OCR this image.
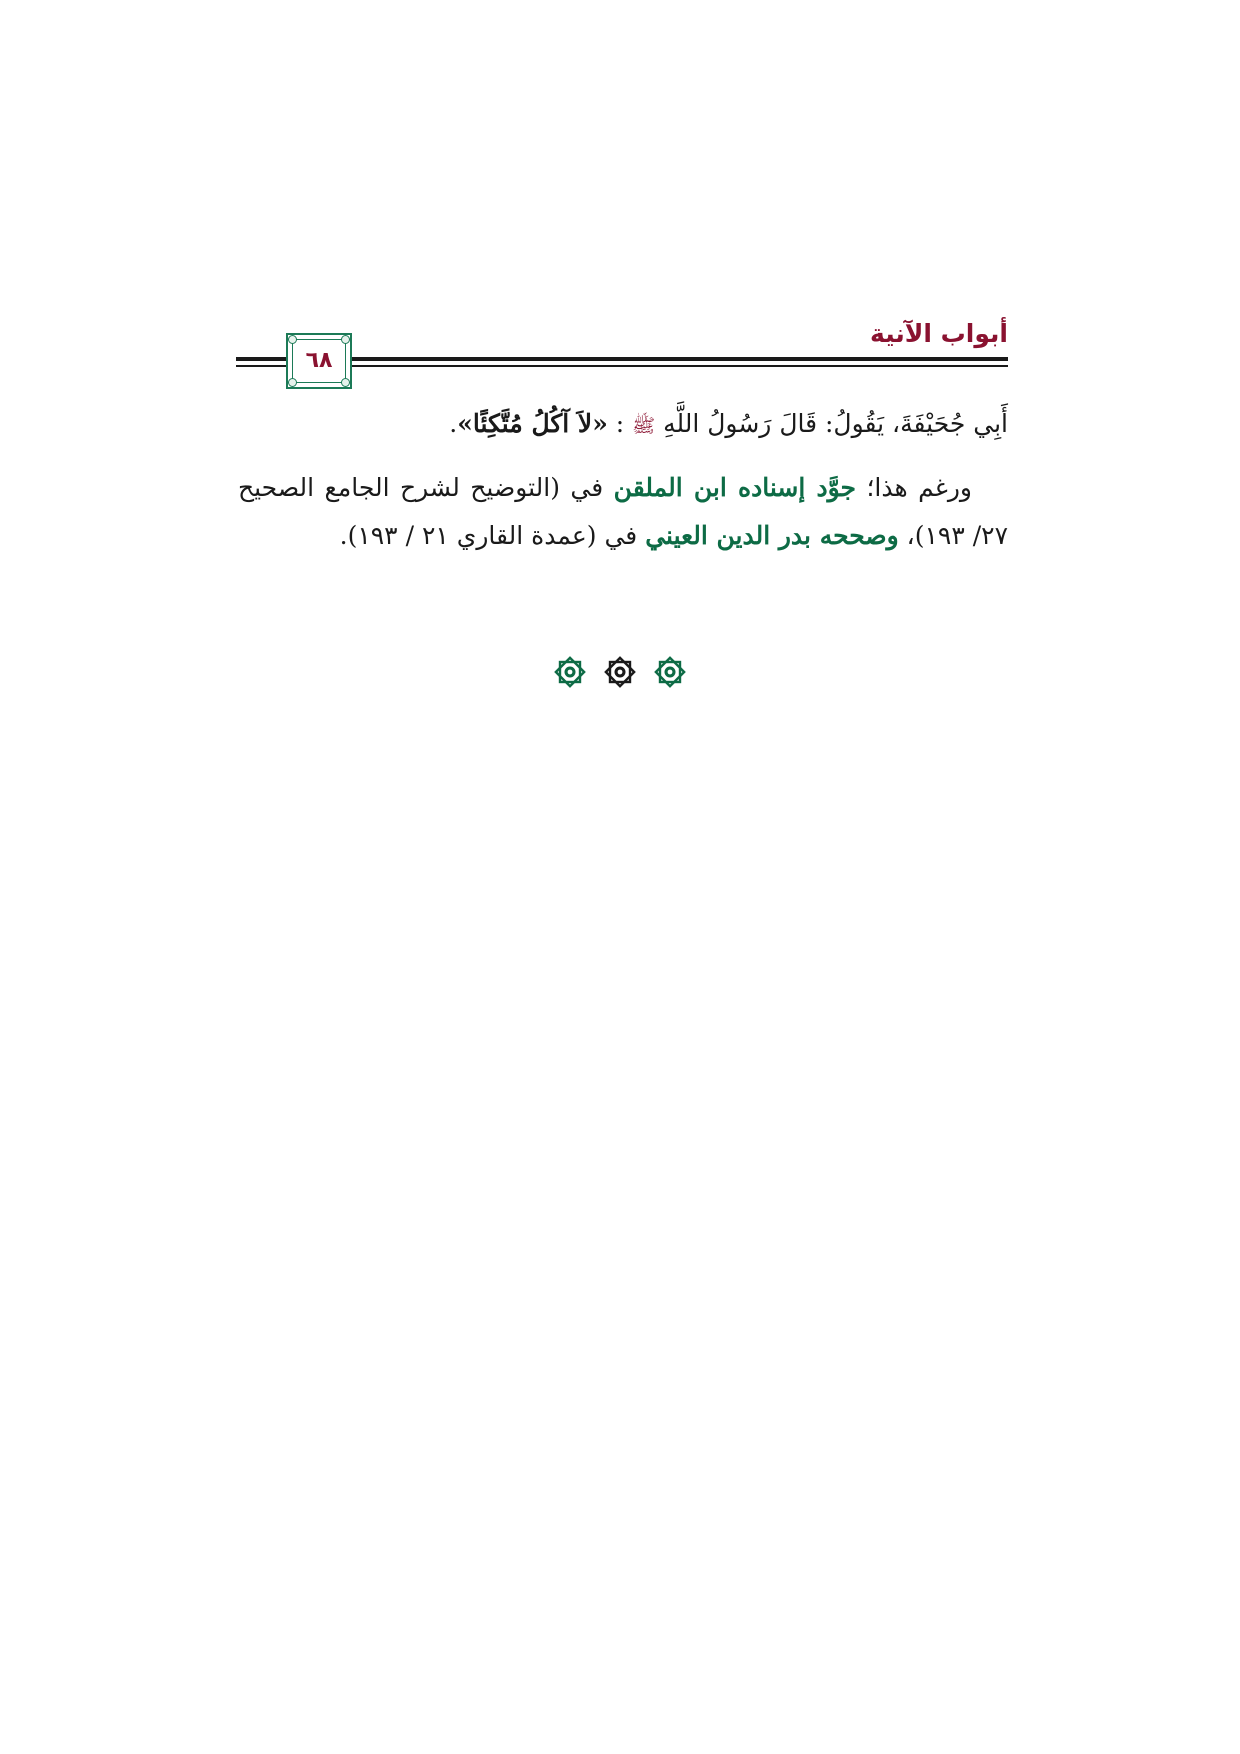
٦٨
أبواب الآنية

أَبِي جُحَيْفَةَ، يَقُولُ: قَالَ رَسُولُ اللَّهِ ﷺ : «لاَ آكُلُ مُتَّكِئًا».

ورغم هذا؛ جوَّد إسناده ابن الملقن في (التوضيح لشرح الجامع الصحيح ٢٧/ ١٩٣)، وصححه بدر الدين العيني في (عمدة القاري ٢١ / ١٩٣).
